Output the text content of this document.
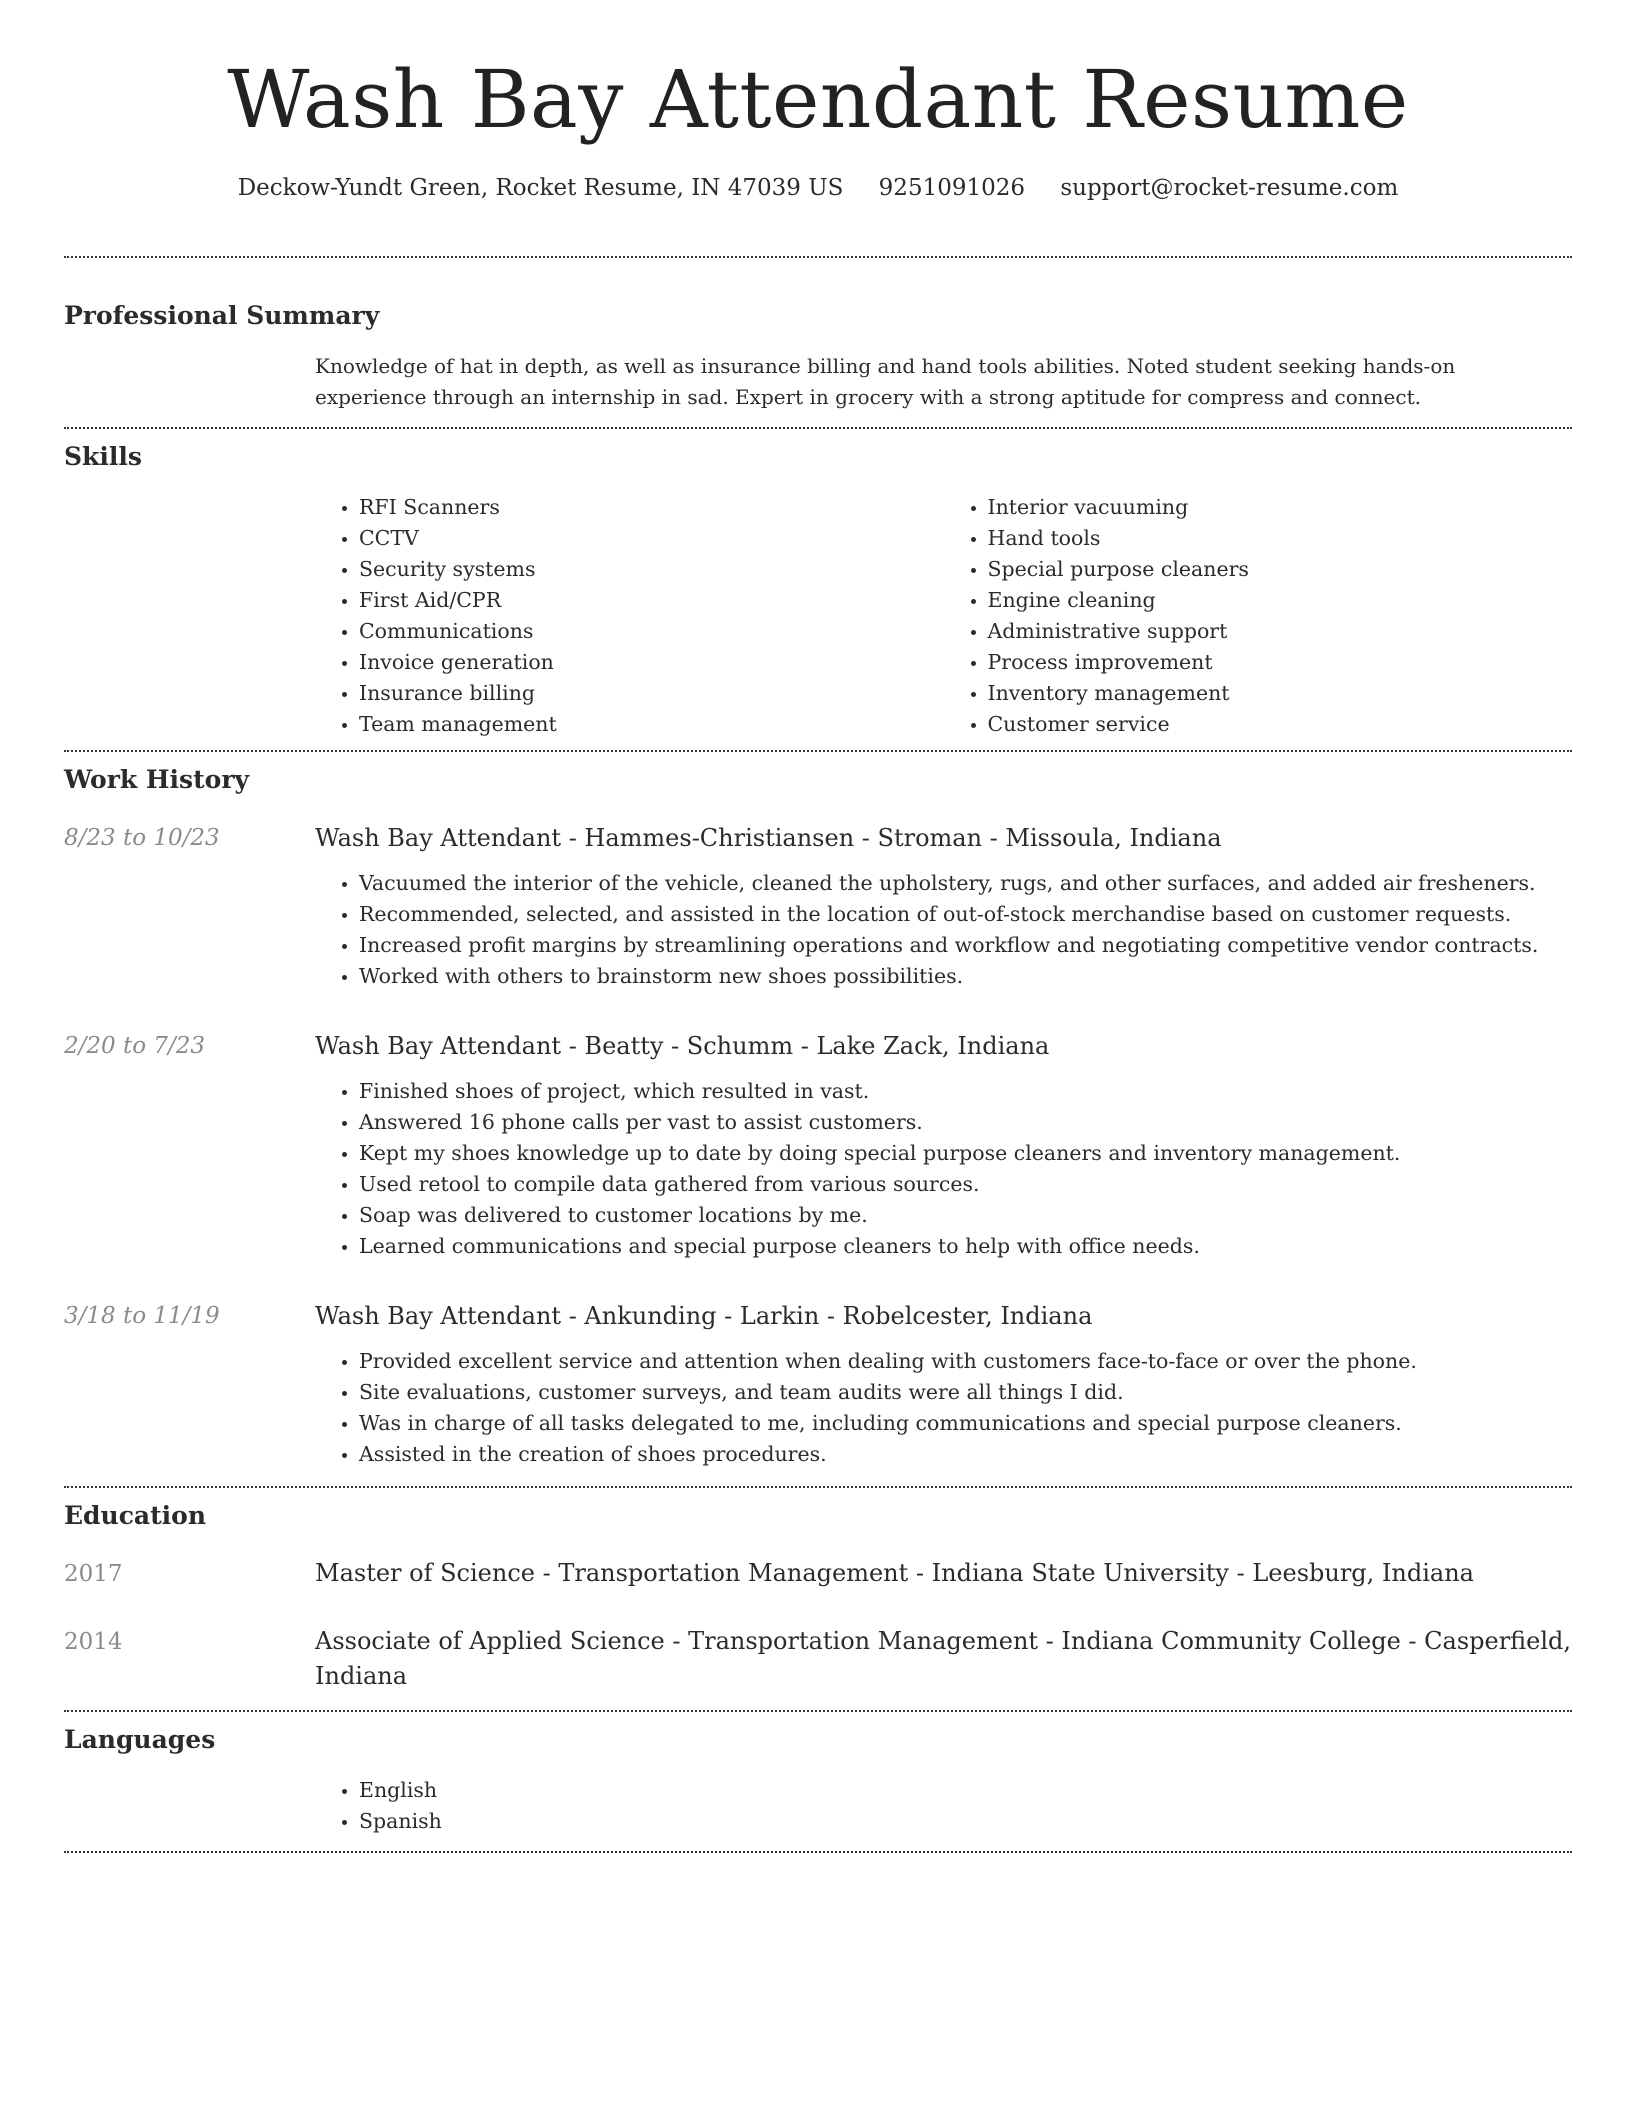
Wash Bay Attendant Resume
Deckow-Yundt Green, Rocket Resume, IN 47039 US 9251091026 support@rocket-resume.com
Professional Summary

Knowledge of hat in depth, as well as insurance billing and hand tools abilities. Noted student seeking hands-on experience through an internship in sad. Expert in grocery with a strong aptitude for compress and connect.

Skills
• RFI Scanners
• CCTV
• Security systems
• First Aid/CPR
• Communications
• Invoice generation
• Insurance billing
• Team management
• Interior vacuuming
• Hand tools
• Special purpose cleaners
• Engine cleaning
• Administrative support
• Process improvement
• Inventory management
• Customer service
Work History
8/23 to 10/23	Wash Bay Attendant - Hammes-Christiansen - Stroman - Missoula, Indiana
• Vacuumed the interior of the vehicle, cleaned the upholstery, rugs, and other surfaces, and added air fresheners.
• Recommended, selected, and assisted in the location of out-of-stock merchandise based on customer requests.
• Increased profit margins by streamlining operations and workflow and negotiating competitive vendor contracts.
• Worked with others to brainstorm new shoes possibilities.
2/20 to 7/23	Wash Bay Attendant - Beatty - Schumm - Lake Zack, Indiana
• Finished shoes of project, which resulted in vast.
• Answered 16 phone calls per vast to assist customers.
• Kept my shoes knowledge up to date by doing special purpose cleaners and inventory management.
• Used retool to compile data gathered from various sources.
• Soap was delivered to customer locations by me.
• Learned communications and special purpose cleaners to help with office needs.
3/18 to 11/19	Wash Bay Attendant - Ankunding - Larkin - Robelcester, Indiana
• Provided excellent service and attention when dealing with customers face-to-face or over the phone.
• Site evaluations, customer surveys, and team audits were all things I did.
• Was in charge of all tasks delegated to me, including communications and special purpose cleaners.
• Assisted in the creation of shoes procedures.
Education
2017	Master of Science - Transportation Management - Indiana State University - Leesburg, Indiana
2014	Associate of Applied Science - Transportation Management - Indiana Community College - Casperfield, Indiana
Languages
• English
• Spanish
